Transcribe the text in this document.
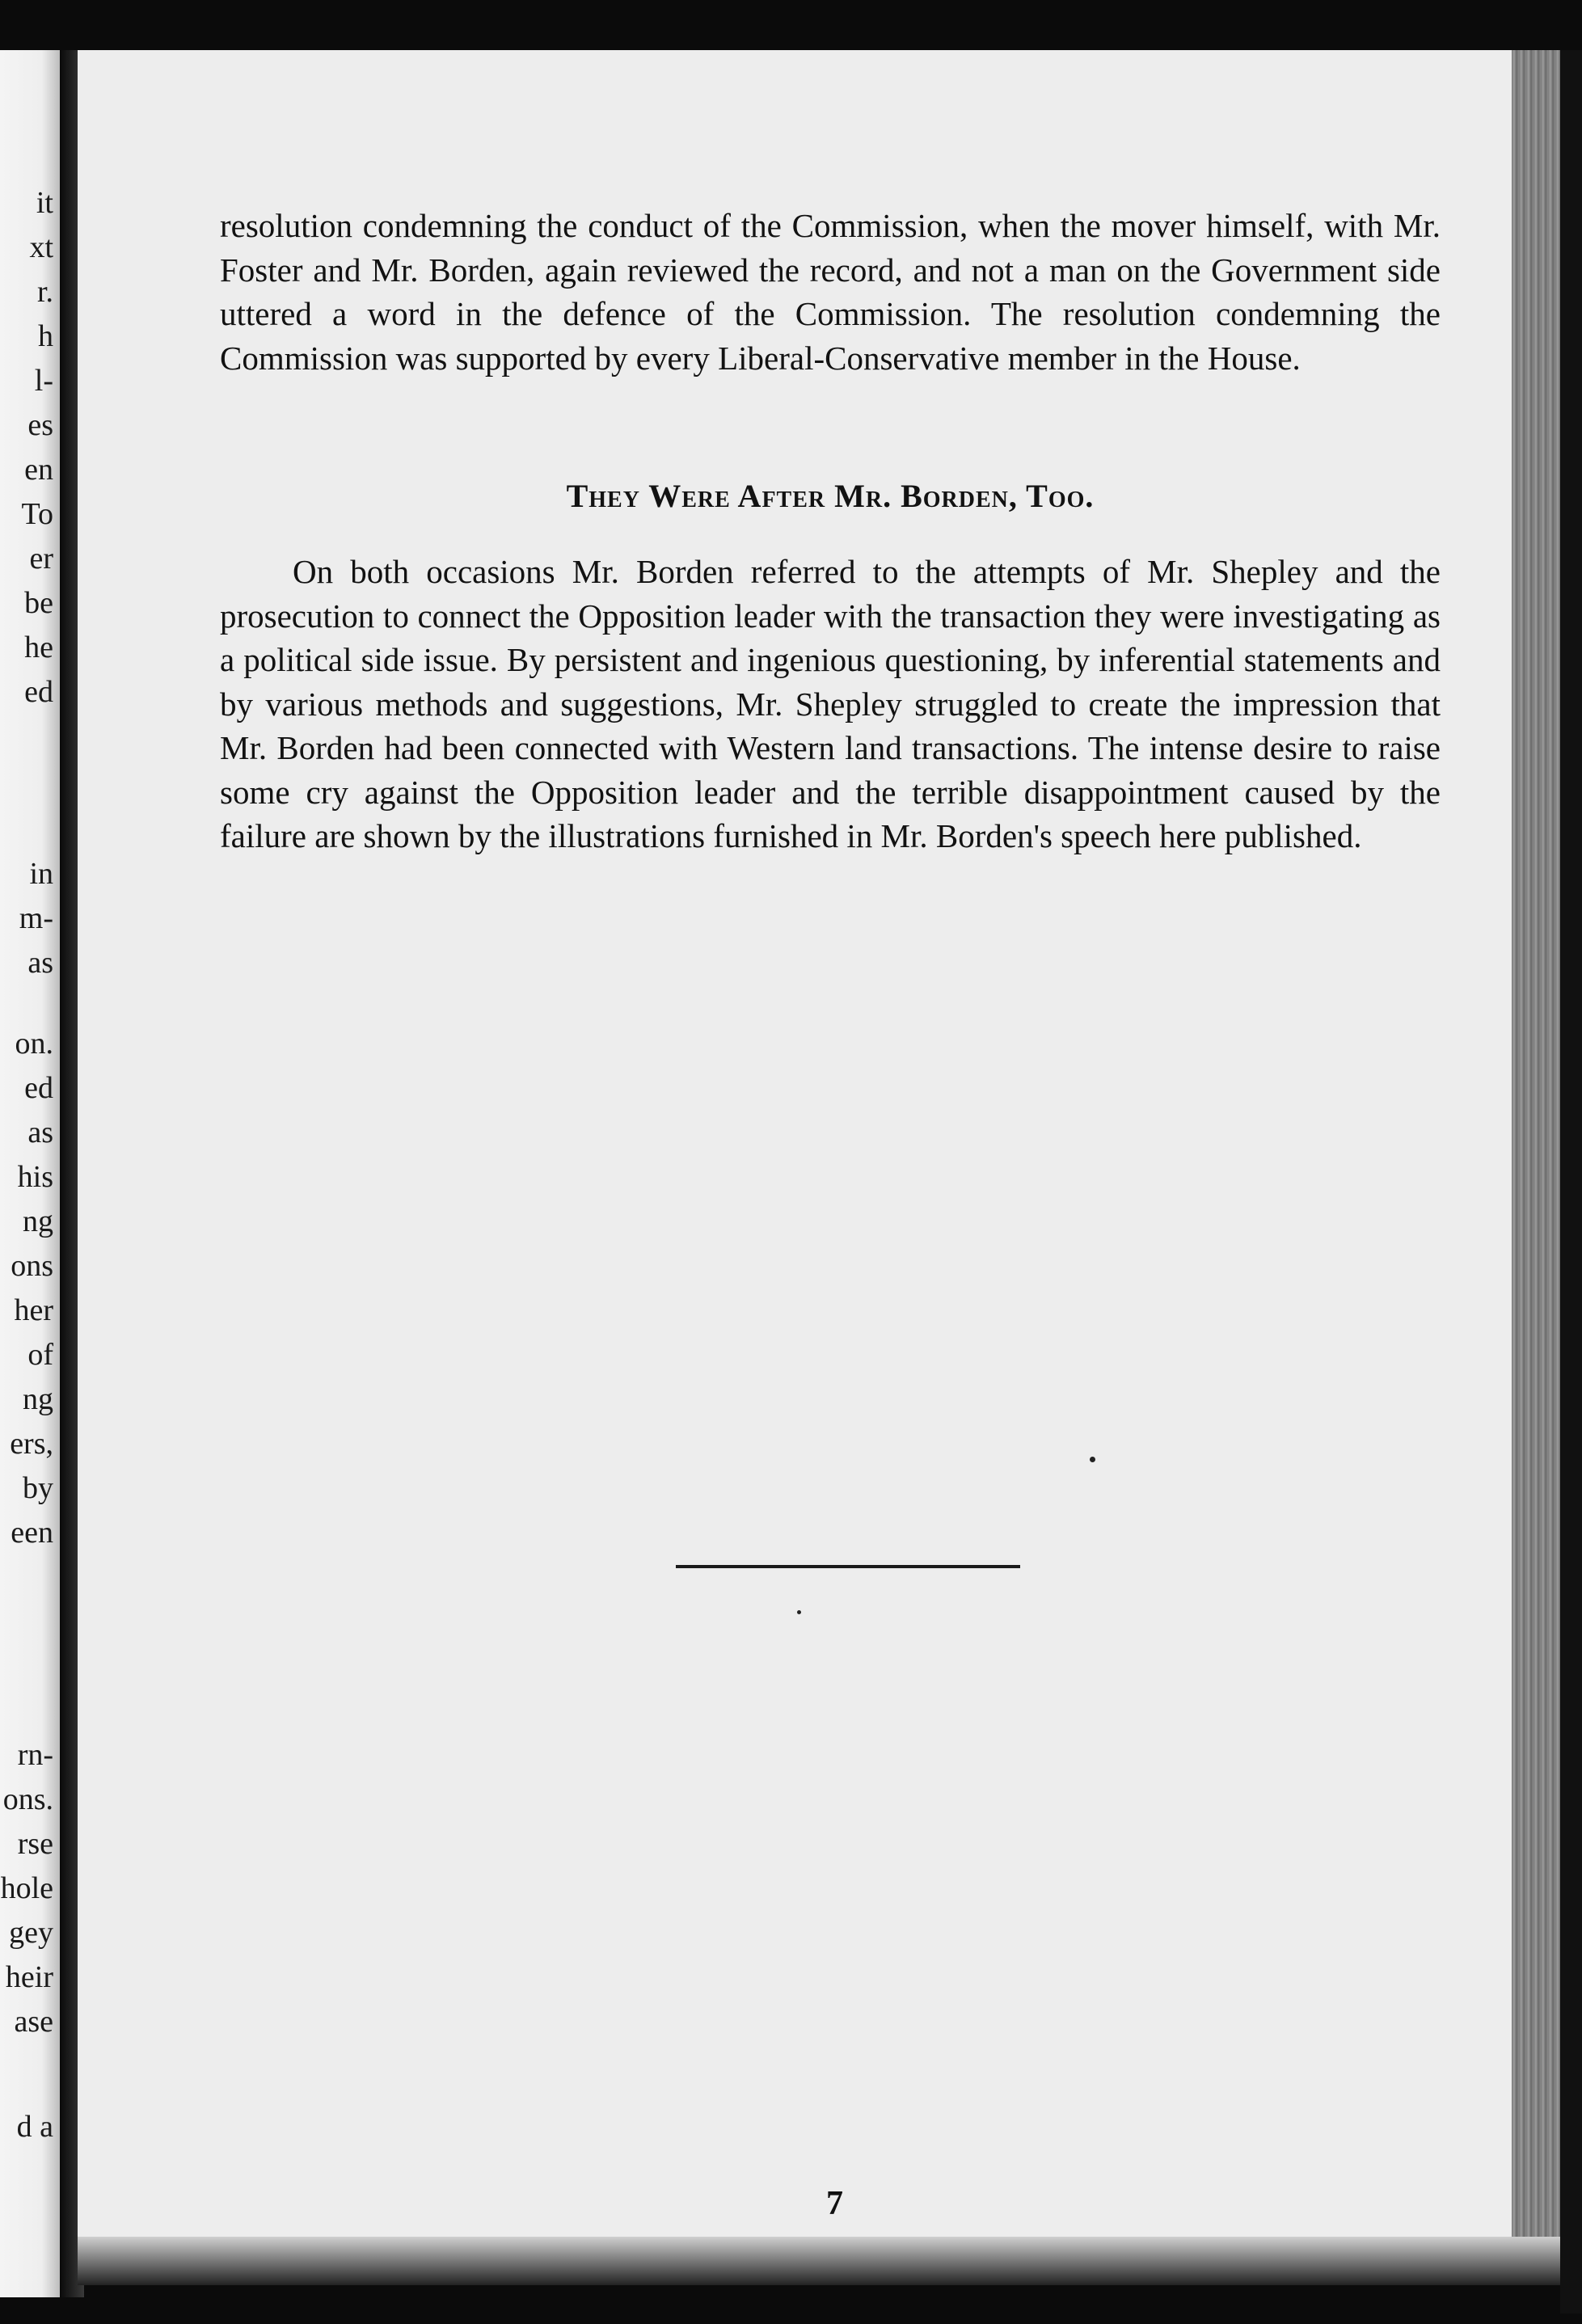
it
xt
r.
h
l-
es
en
To
er
be
he
ed
in
m-
as
on.
ed
as
his
ng
ons
her
of
ng
ers,
by
een
rn-
ons.
rse
hole
gey
heir
ase
d a

resolution condemning the conduct of the Commission, when the mover himself, with Mr. Foster and Mr. Borden, again reviewed the record, and not a man on the Government side uttered a word in the defence of the Commission. The resolution condemning the Commission was supported by every Liberal-Conservative member in the House.

They Were After Mr. Borden, Too.

On both occasions Mr. Borden referred to the attempts of Mr. Shepley and the prosecution to connect the Opposition leader with the transaction they were investigating as a political side issue. By persistent and ingenious questioning, by inferential statements and by various methods and suggestions, Mr. Shepley struggled to create the impression that Mr. Borden had been connected with Western land transactions. The intense desire to raise some cry against the Opposition leader and the terrible disappointment caused by the failure are shown by the illustrations furnished in Mr. Borden's speech here published.

7
